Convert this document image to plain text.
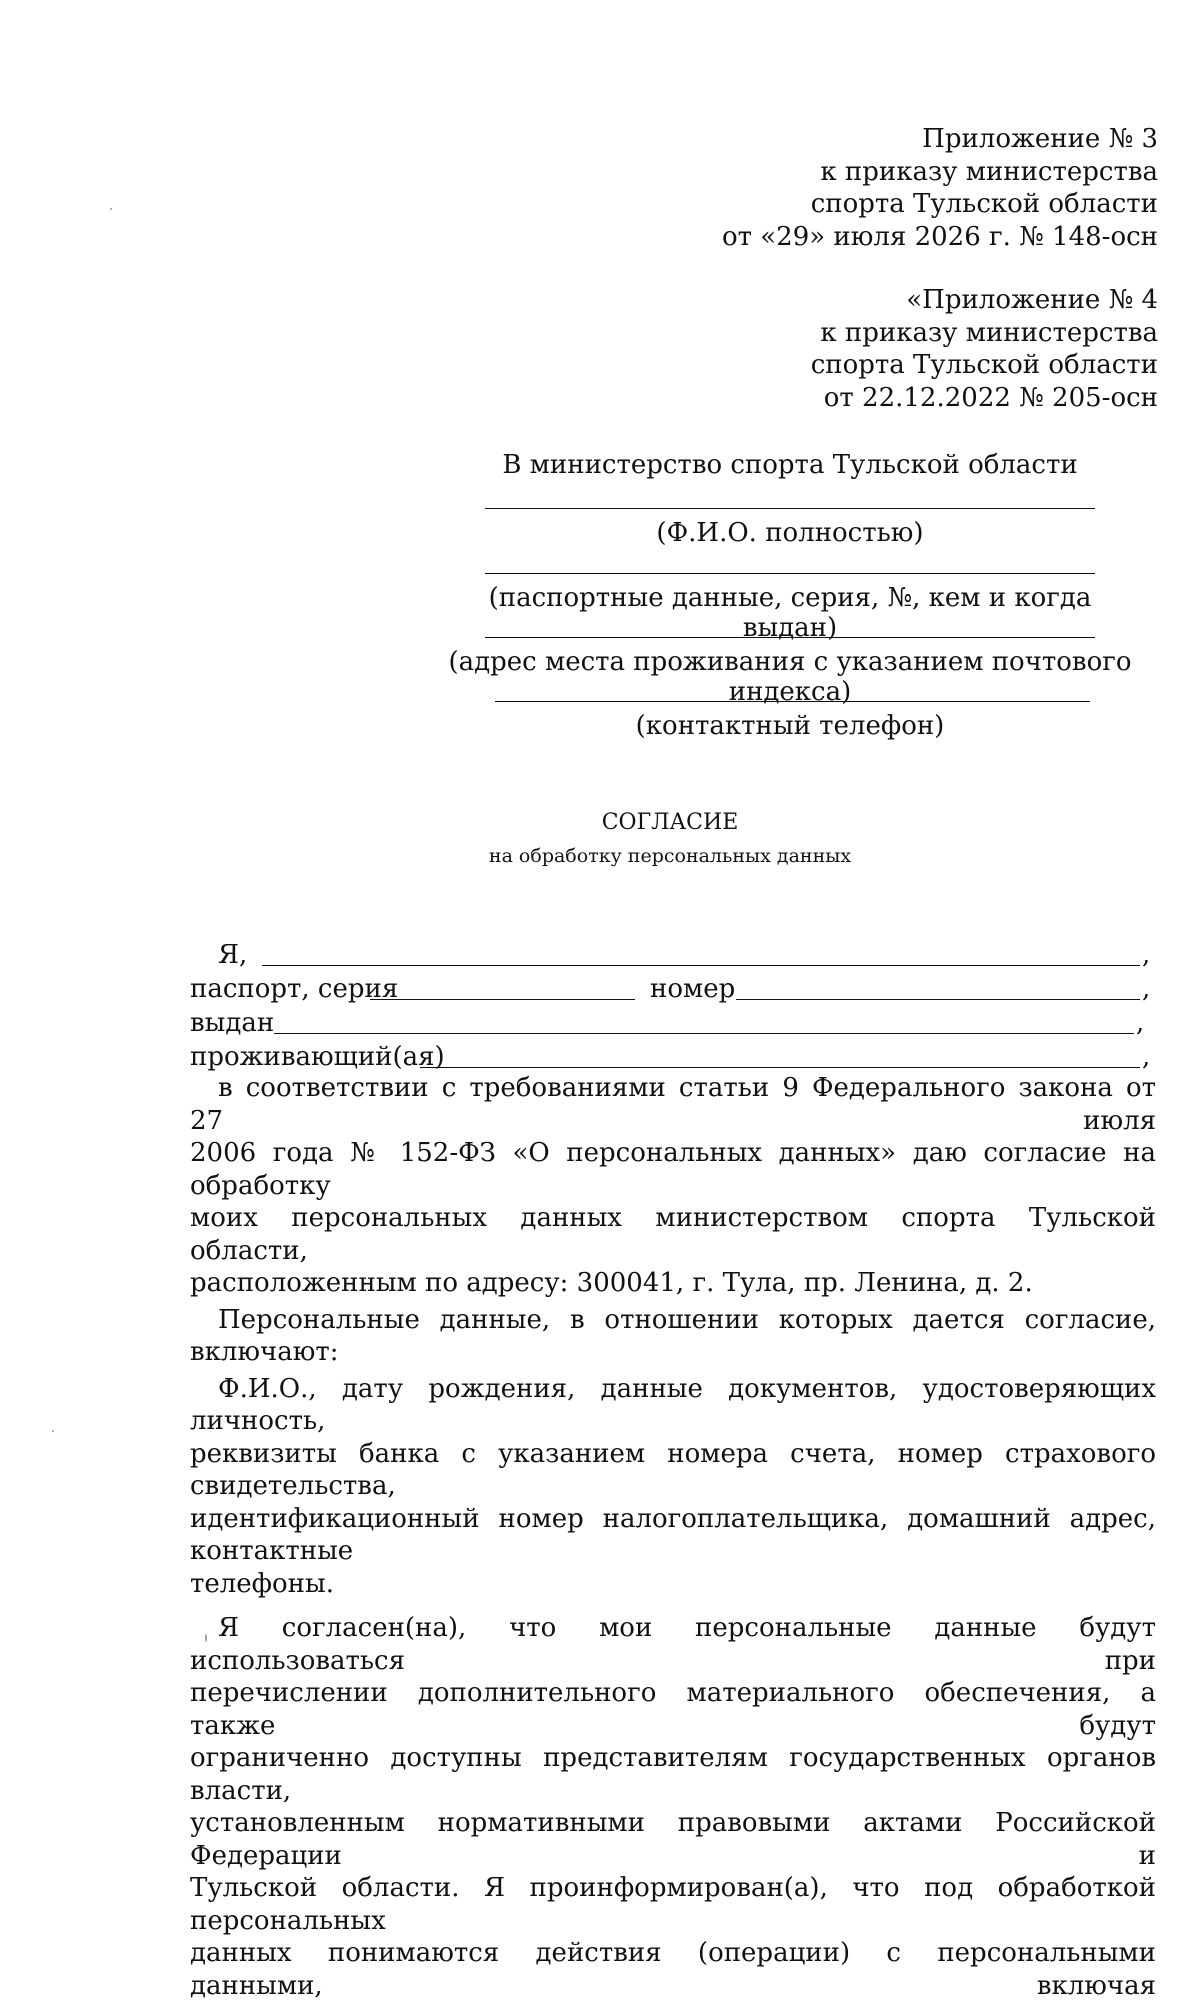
Приложение № 3
к приказу министерства
спорта Тульской области
от «29» июля 2026 г. № 148-осн
«Приложение № 4
к приказу министерства
спорта Тульской области
от 22.12.2022 № 205-осн
В министерство спорта Тульской области
(Ф.И.О. полностью)
(паспортные данные, серия, №, кем и когда выдан)
(адрес места проживания с указанием почтового индекса)
(контактный телефон)
СОГЛАСИЕ
на обработку персональных данных
Я,	,
паспорт, серия	номер	,
выдан	,
проживающий(ая)	,

в соответствии с требованиями статьи 9 Федерального закона от 27 июля

2006 года № 152-ФЗ «О персональных данных» даю согласие на обработку

моих персональных данных министерством спорта Тульской области,

расположенным по адресу: 300041, г. Тула, пр. Ленина, д. 2.

Персональные данные, в отношении которых дается согласие, включают:

Ф.И.О., дату рождения, данные документов, удостоверяющих личность,

реквизиты банка с указанием номера счета, номер страхового свидетельства,

идентификационный номер налогоплательщика, домашний адрес, контактные

телефоны.

Я согласен(на), что мои персональные данные будут использоваться при

перечислении дополнительного материального обеспечения, а также будут

ограниченно доступны представителям государственных органов власти,

установленным нормативными правовыми актами Российской Федерации и

Тульской области. Я проинформирован(а), что под обработкой персональных

данных понимаются действия (операции) с персональными данными, включая
